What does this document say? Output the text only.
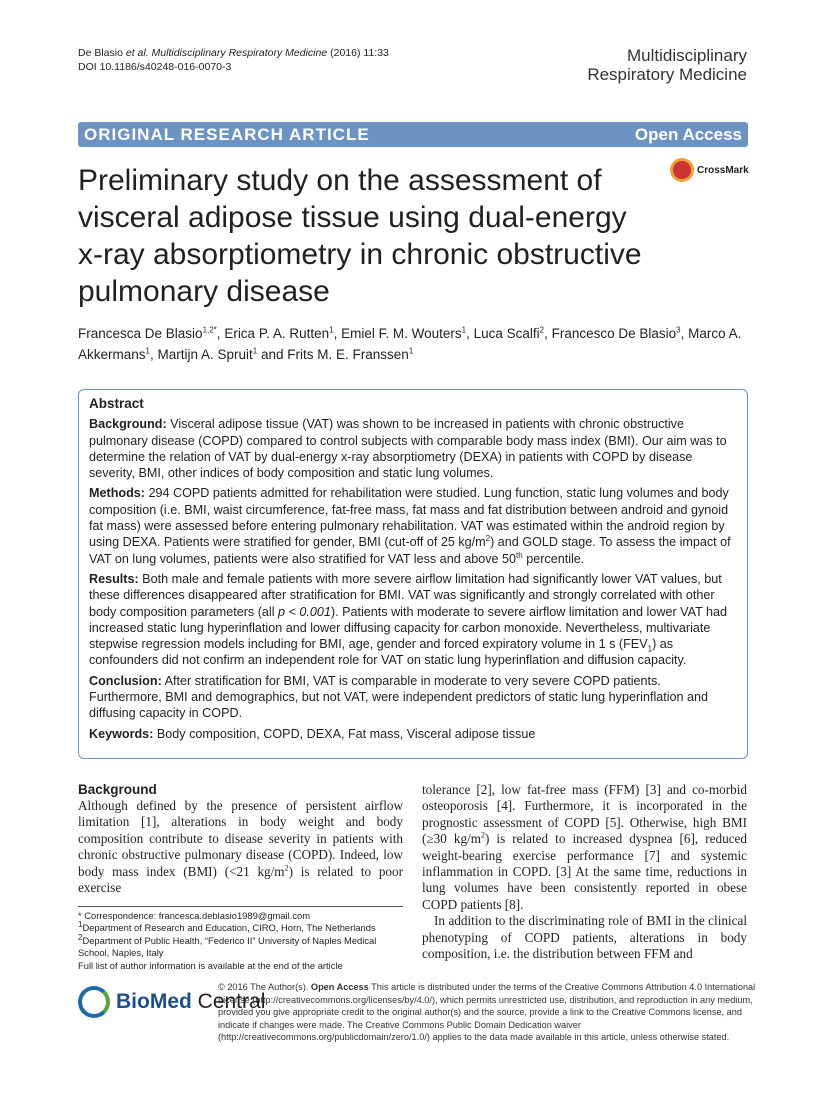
De Blasio et al. Multidisciplinary Respiratory Medicine (2016) 11:33
DOI 10.1186/s40248-016-0070-3
Multidisciplinary
Respiratory Medicine
ORIGINAL RESEARCH ARTICLE	Open Access
Preliminary study on the assessment of visceral adipose tissue using dual-energy x-ray absorptiometry in chronic obstructive pulmonary disease
CrossMark
Francesca De Blasio$^{1,2*}$, Erica P. A. Rutten$^1$, Emiel F. M. Wouters$^1$, Luca Scalfi$^2$, Francesco De Blasio$^3$, Marco A. Akkermans$^1$, Martijn A. Spruit$^1$ and Frits M. E. Franssen$^1$
Abstract

Background: Visceral adipose tissue (VAT) was shown to be increased in patients with chronic obstructive pulmonary disease (COPD) compared to control subjects with comparable body mass index (BMI). Our aim was to determine the relation of VAT by dual-energy x-ray absorptiometry (DEXA) in patients with COPD by disease severity, BMI, other indices of body composition and static lung volumes.

Methods: 294 COPD patients admitted for rehabilitation were studied. Lung function, static lung volumes and body composition (i.e. BMI, waist circumference, fat-free mass, fat mass and fat distribution between android and gynoid fat mass) were assessed before entering pulmonary rehabilitation. VAT was estimated within the android region by using DEXA. Patients were stratified for gender, BMI (cut-off of 25 $kg/m^2$) and GOLD stage. To assess the impact of VAT on lung volumes, patients were also stratified for VAT less and above 50th percentile.

Results: Both male and female patients with more severe airflow limitation had significantly lower VAT values, but these differences disappeared after stratification for BMI. VAT was significantly and strongly correlated with other body composition parameters (all p < 0.001). Patients with moderate to severe airflow limitation and lower VAT had increased static lung hyperinflation and lower diffusing capacity for carbon monoxide. Nevertheless, multivariate stepwise regression models including for BMI, age, gender and forced expiratory volume in 1 s $(FEV_1)$ as confounders did not confirm an independent role for VAT on static lung hyperinflation and diffusion capacity.

Conclusion: After stratification for BMI, VAT is comparable in moderate to very severe COPD patients. Furthermore, BMI and demographics, but not VAT, were independent predictors of static lung hyperinflation and diffusing capacity in COPD.

Keywords: Body composition, COPD, DEXA, Fat mass, Visceral adipose tissue

Background

Although defined by the presence of persistent airflow limitation [1], alterations in body weight and body composition contribute to disease severity in patients with chronic obstructive pulmonary disease (COPD). Indeed, low body mass index (BMI) (<21 $kg/m^2$) is related to poor exercise

* Correspondence: francesca.deblasio1989@gmail.com
$^1$Department of Research and Education, CIRO, Horn, The Netherlands
$^2$Department of Public Health, “Federico II” University of Naples Medical School, Naples, Italy
Full list of author information is available at the end of the article

tolerance [2], low fat-free mass (FFM) [3] and co-morbid osteoporosis [4]. Furthermore, it is incorporated in the prognostic assessment of COPD [5]. Otherwise, high BMI (≥30 $kg/m^2$) is related to increased dyspnea [6], reduced weight-bearing exercise performance [7] and systemic inflammation in COPD. [3] At the same time, reductions in lung volumes have been consistently reported in obese COPD patients [8].

In addition to the discriminating role of BMI in the clinical phenotyping of COPD patients, alterations in body composition, i.e. the distribution between FFM and

BioMed Central
© 2016 The Author(s). Open Access This article is distributed under the terms of the Creative Commons Attribution 4.0 International License (http://creativecommons.org/licenses/by/4.0/), which permits unrestricted use, distribution, and reproduction in any medium, provided you give appropriate credit to the original author(s) and the source, provide a link to the Creative Commons license, and indicate if changes were made. The Creative Commons Public Domain Dedication waiver (http://creativecommons.org/publicdomain/zero/1.0/) applies to the data made available in this article, unless otherwise stated.
